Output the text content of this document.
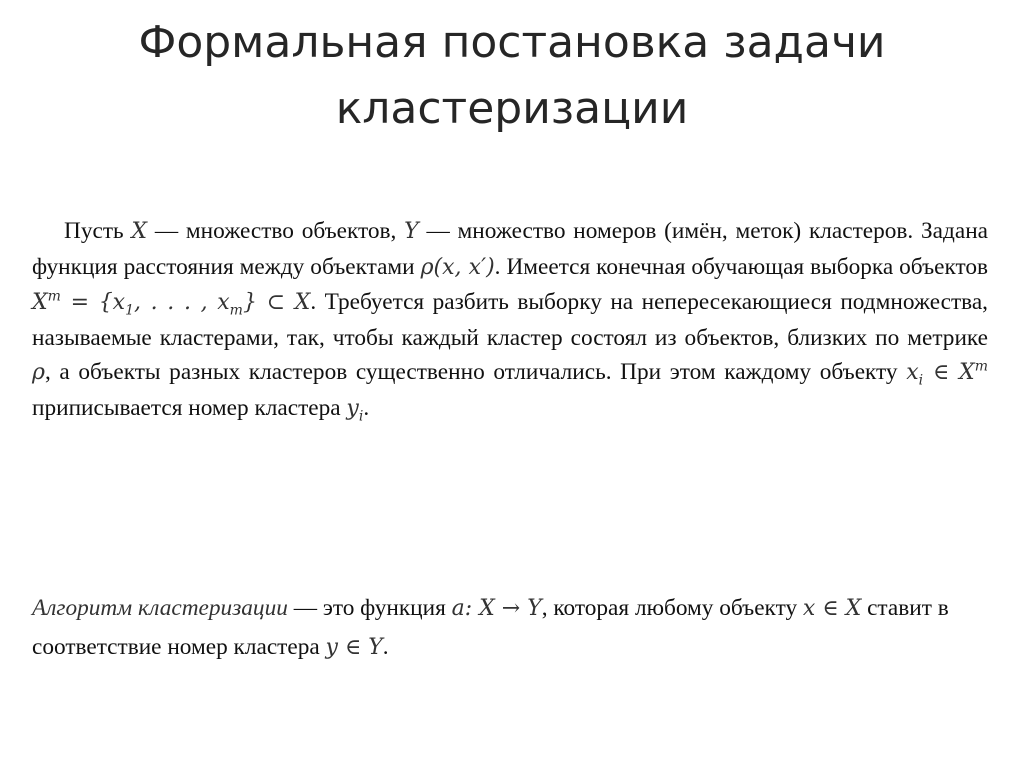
Формальная постановка задачи
кластеризации
Пусть X — множество объектов, Y — множество номеров (имён, меток) кластеров. Задана функция расстояния между объектами ρ(x, x′). Имеется конечная обучающая выборка объектов $X^m = \{x_1$, . . . , $x_m$} ⊂ X. Требуется разбить выборку на непересекающиеся подмножества, называемые кластерами, так, чтобы каждый кластер состоял из объектов, близких по метрике ρ, а объекты разных кластеров существенно отличались. При этом каждому объекту $x_i$ ∈ $X^m$ приписывается номер кластера $y_i$.
Алгоритм кластеризации — это функция a: X → Y, которая любому объекту x ∈ X ставит в соответствие номер кластера y ∈ Y.
